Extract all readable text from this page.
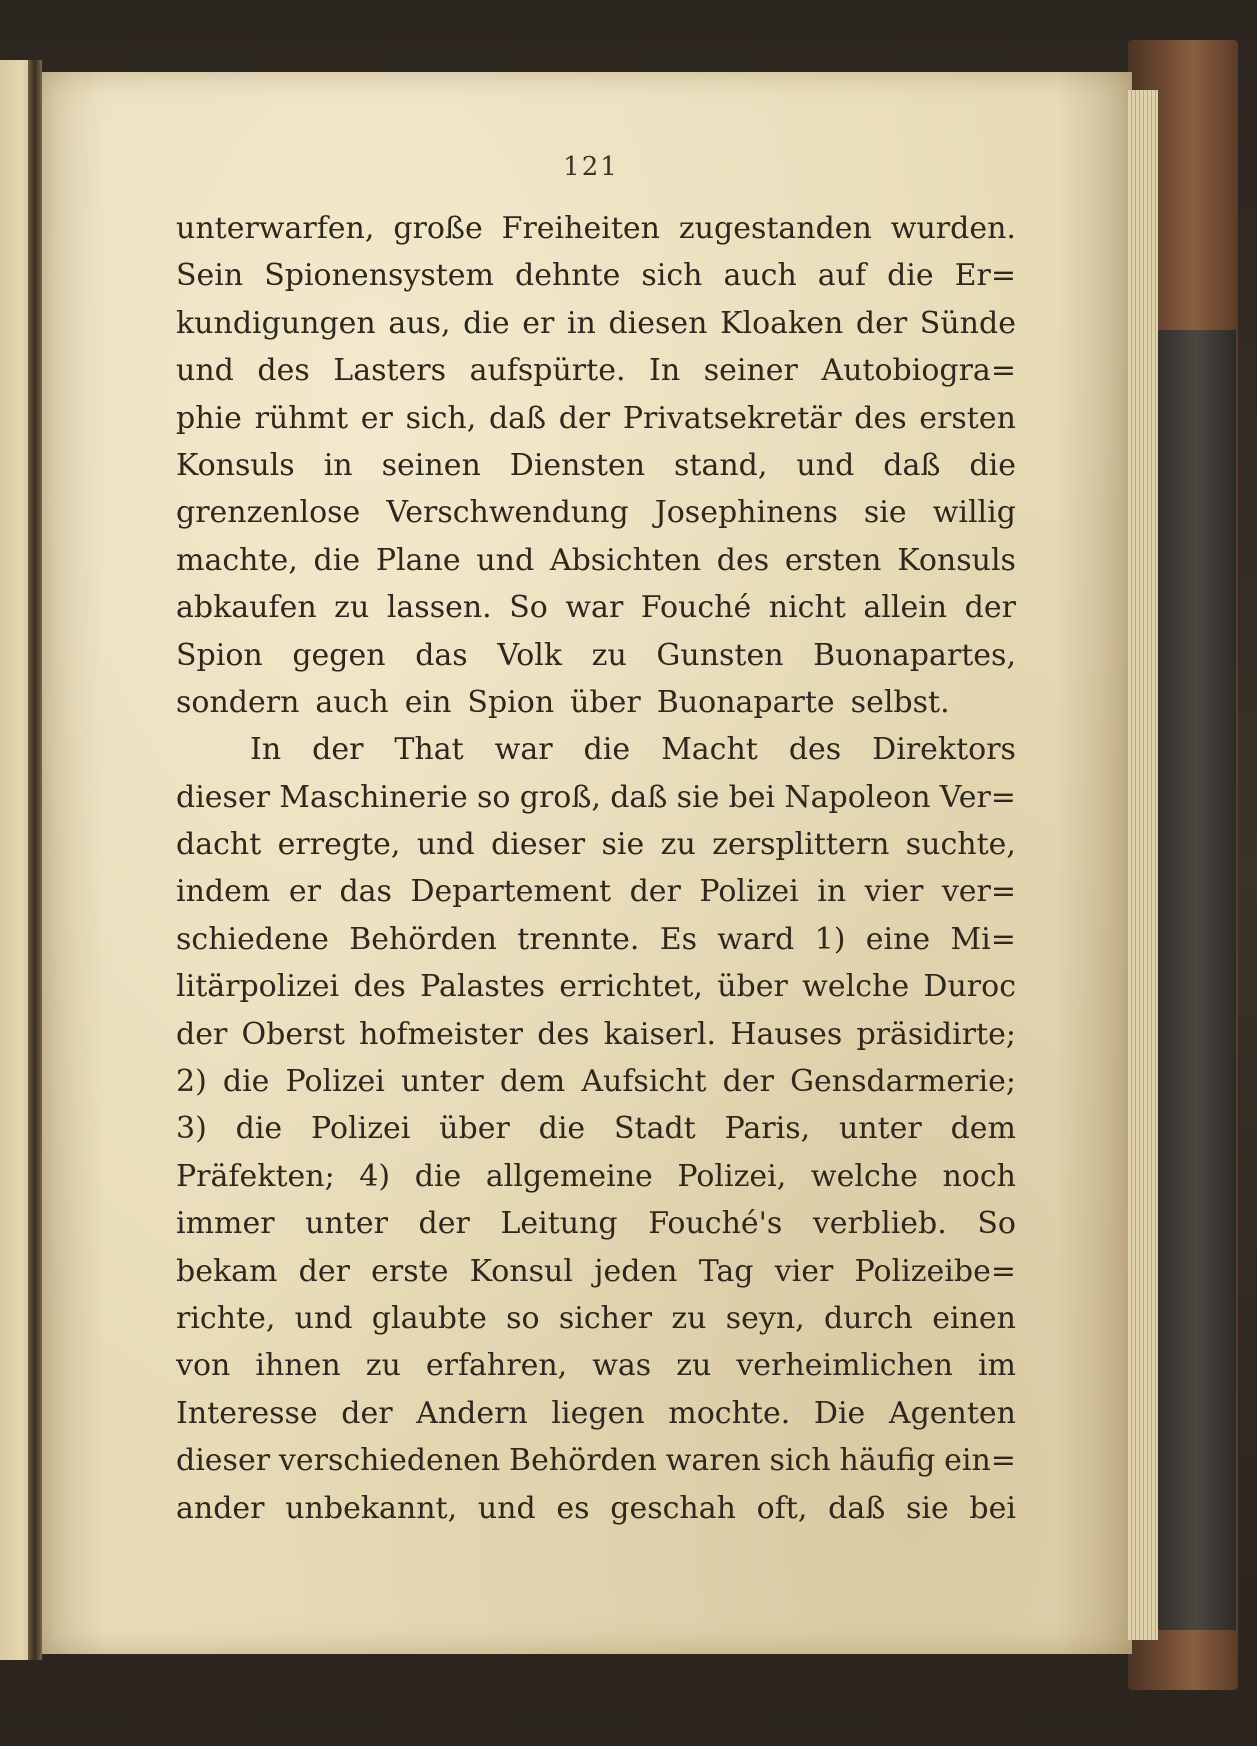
121
unterwarfen, große Freiheiten zugestanden wurden.
Sein Spionensystem dehnte sich auch auf die Er=
kundigungen aus, die er in diesen Kloaken der Sünde
und des Lasters aufspürte. In seiner Autobiogra=
phie rühmt er sich, daß der Privatsekretär des ersten
Konsuls in seinen Diensten stand, und daß die
grenzenlose Verschwendung Josephinens sie willig
machte, die Plane und Absichten des ersten Konsuls
abkaufen zu lassen. So war Fouché nicht allein der
Spion gegen das Volk zu Gunsten Buonapartes,
sondern auch ein Spion über Buonaparte selbst.
In der That war die Macht des Direktors
dieser Maschinerie so groß, daß sie bei Napoleon Ver=
dacht erregte, und dieser sie zu zersplittern suchte,
indem er das Departement der Polizei in vier ver=
schiedene Behörden trennte. Es ward 1) eine Mi=
litärpolizei des Palastes errichtet, über welche Duroc
der Oberst hofmeister des kaiserl. Hauses präsidirte;
2) die Polizei unter dem Aufsicht der Gensdarmerie;
3) die Polizei über die Stadt Paris, unter dem
Präfekten; 4) die allgemeine Polizei, welche noch
immer unter der Leitung Fouché's verblieb. So
bekam der erste Konsul jeden Tag vier Polizeibe=
richte, und glaubte so sicher zu seyn, durch einen
von ihnen zu erfahren, was zu verheimlichen im
Interesse der Andern liegen mochte. Die Agenten
dieser verschiedenen Behörden waren sich häufig ein=
ander unbekannt, und es geschah oft, daß sie bei
